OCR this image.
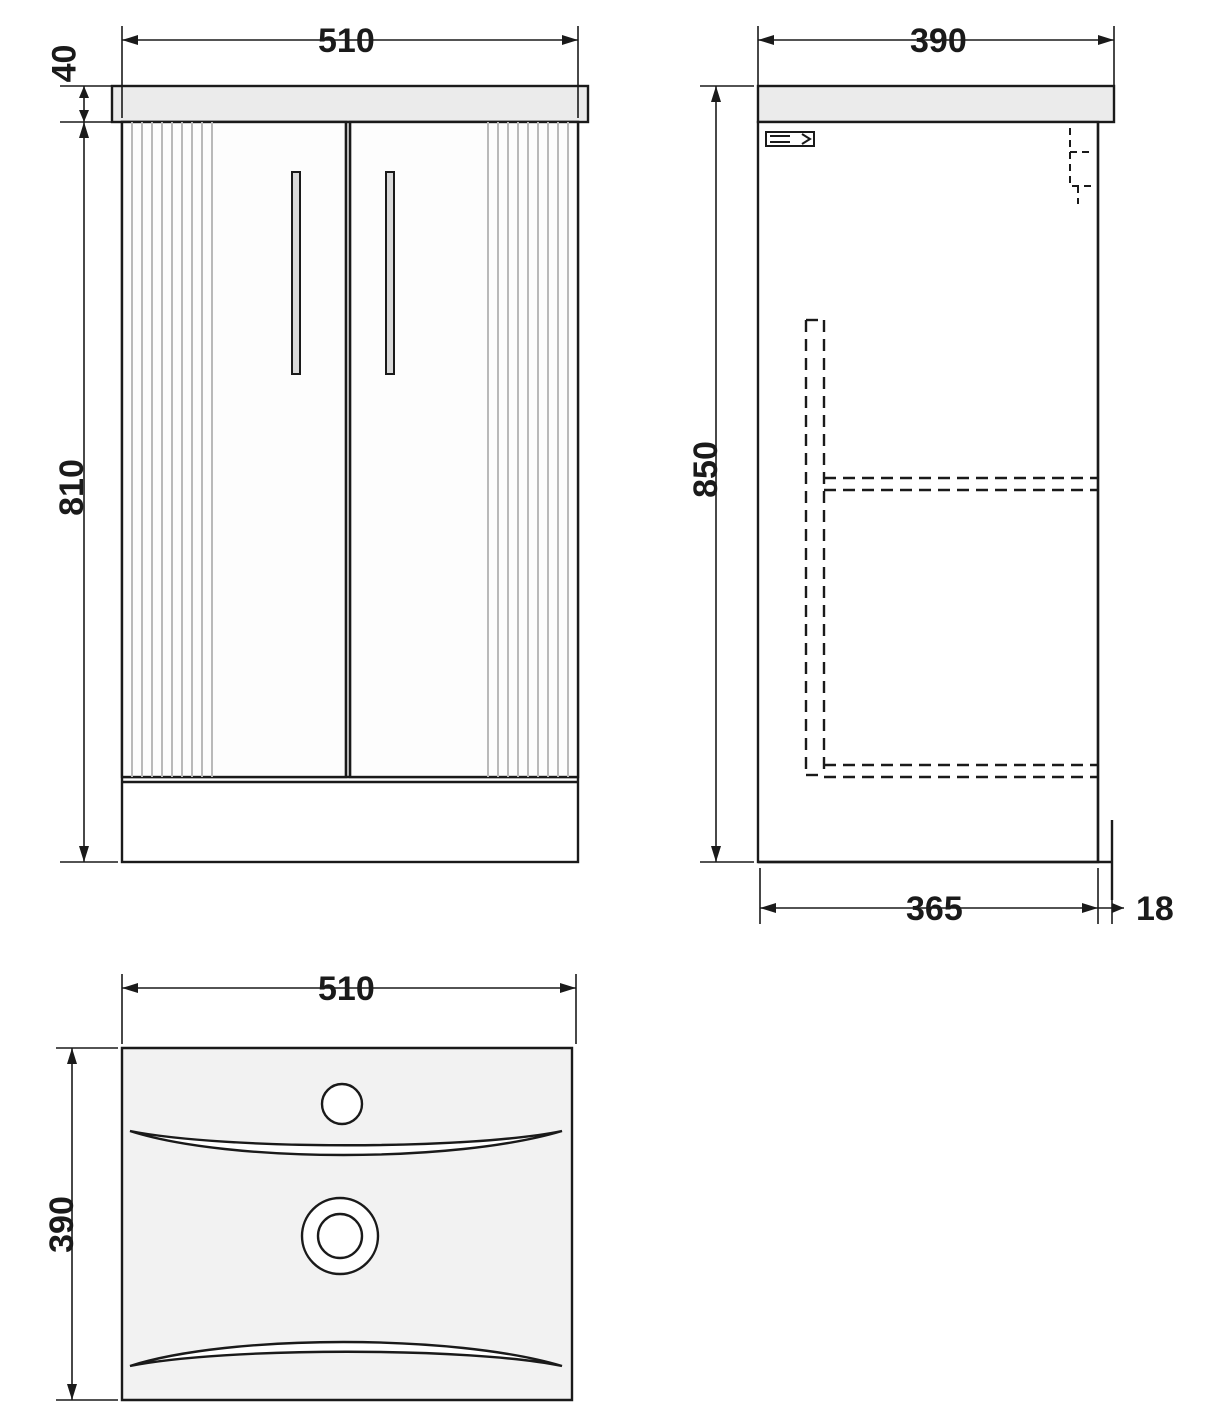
510
40
810
390
850
365	18
510
390
